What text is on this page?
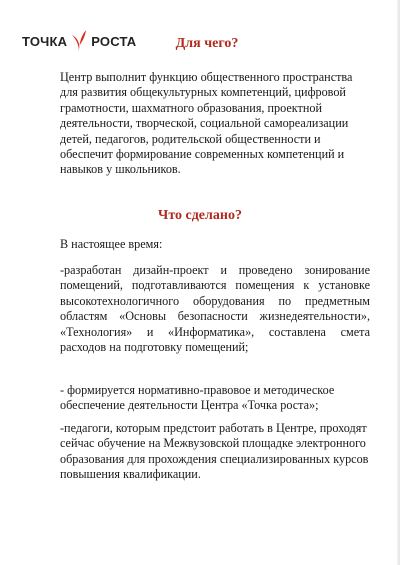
ТОЧКА РОСТА	Для чего?

Центр выполнит функцию общественного пространства для развития общекультурных компетенций, цифровой грамотности, шахматного образования, проектной деятельности, творческой, социальной самореализации детей, педагогов, родительской общественности и обеспечит формирование современных компетенций и навыков у школьников.

Что сделано?

В настоящее время:

-разработан дизайн-проект и проведено зонирование помещений, подготавливаются помещения к установке высокотехнологичного оборудования по предметным областям «Основы безопасности жизнедеятельности», «Технология» и «Информатика», составлена смета расходов на подготовку помещений;

- формируется нормативно-правовое и методическое обеспечение деятельности Центра «Точка роста»;

-педагоги, которым предстоит работать в Центре, проходят сейчас обучение на Межвузовской площадке электронного образования для прохождения специализированных курсов повышения квалификации.
